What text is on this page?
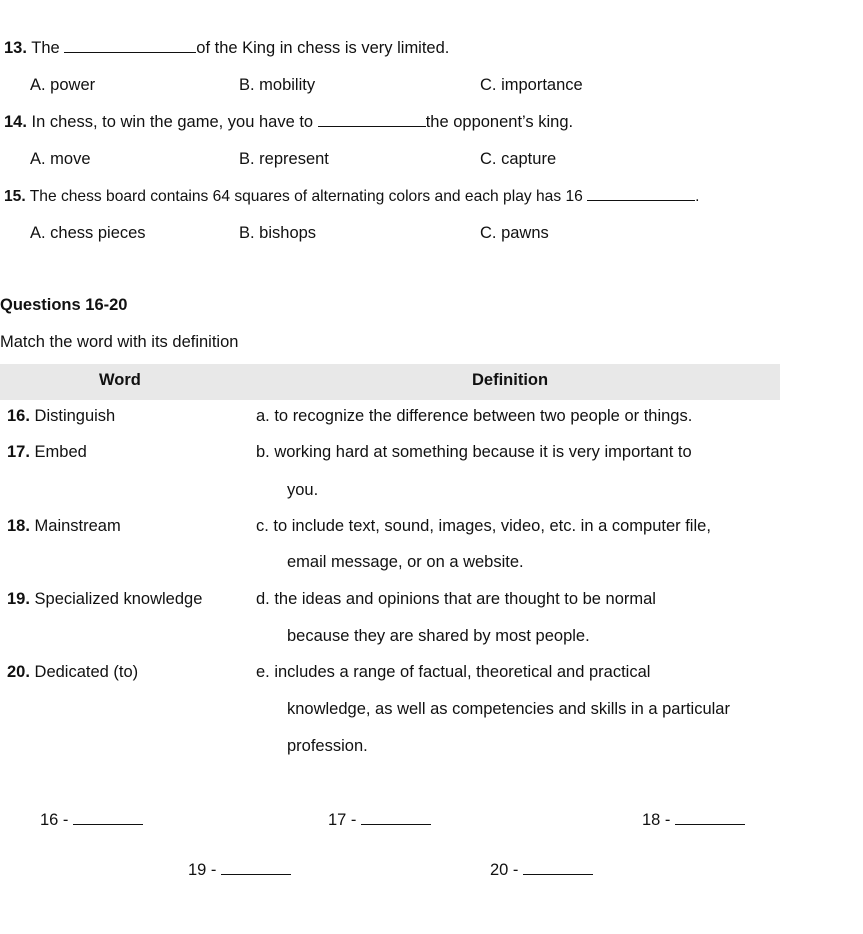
13. The	of the King in chess is very limited.
A. power	B. mobility	C. importance
14. In chess, to win the game, you have to	the opponent’s king.
A. move	B. represent	C. capture
15. The chess board contains 64 squares of alternating colors and each play has 16	.
A. chess pieces	B. bishops	C. pawns
Questions 16-20
Match the word with its definition
Word	Definition
16. Distinguish	a. to recognize the difference between two people or things.
17. Embed	b. working hard at something because it is very important to
you.
18. Mainstream	c. to include text, sound, images, video, etc. in a computer file,
email message, or on a website.
19. Specialized knowledge	d. the ideas and opinions that are thought to be normal
because they are shared by most people.
20. Dedicated (to)	e. includes a range of factual, theoretical and practical
knowledge, as well as competencies and skills in a particular
profession.
16 -	17 -	18 -
19 -	20 -
